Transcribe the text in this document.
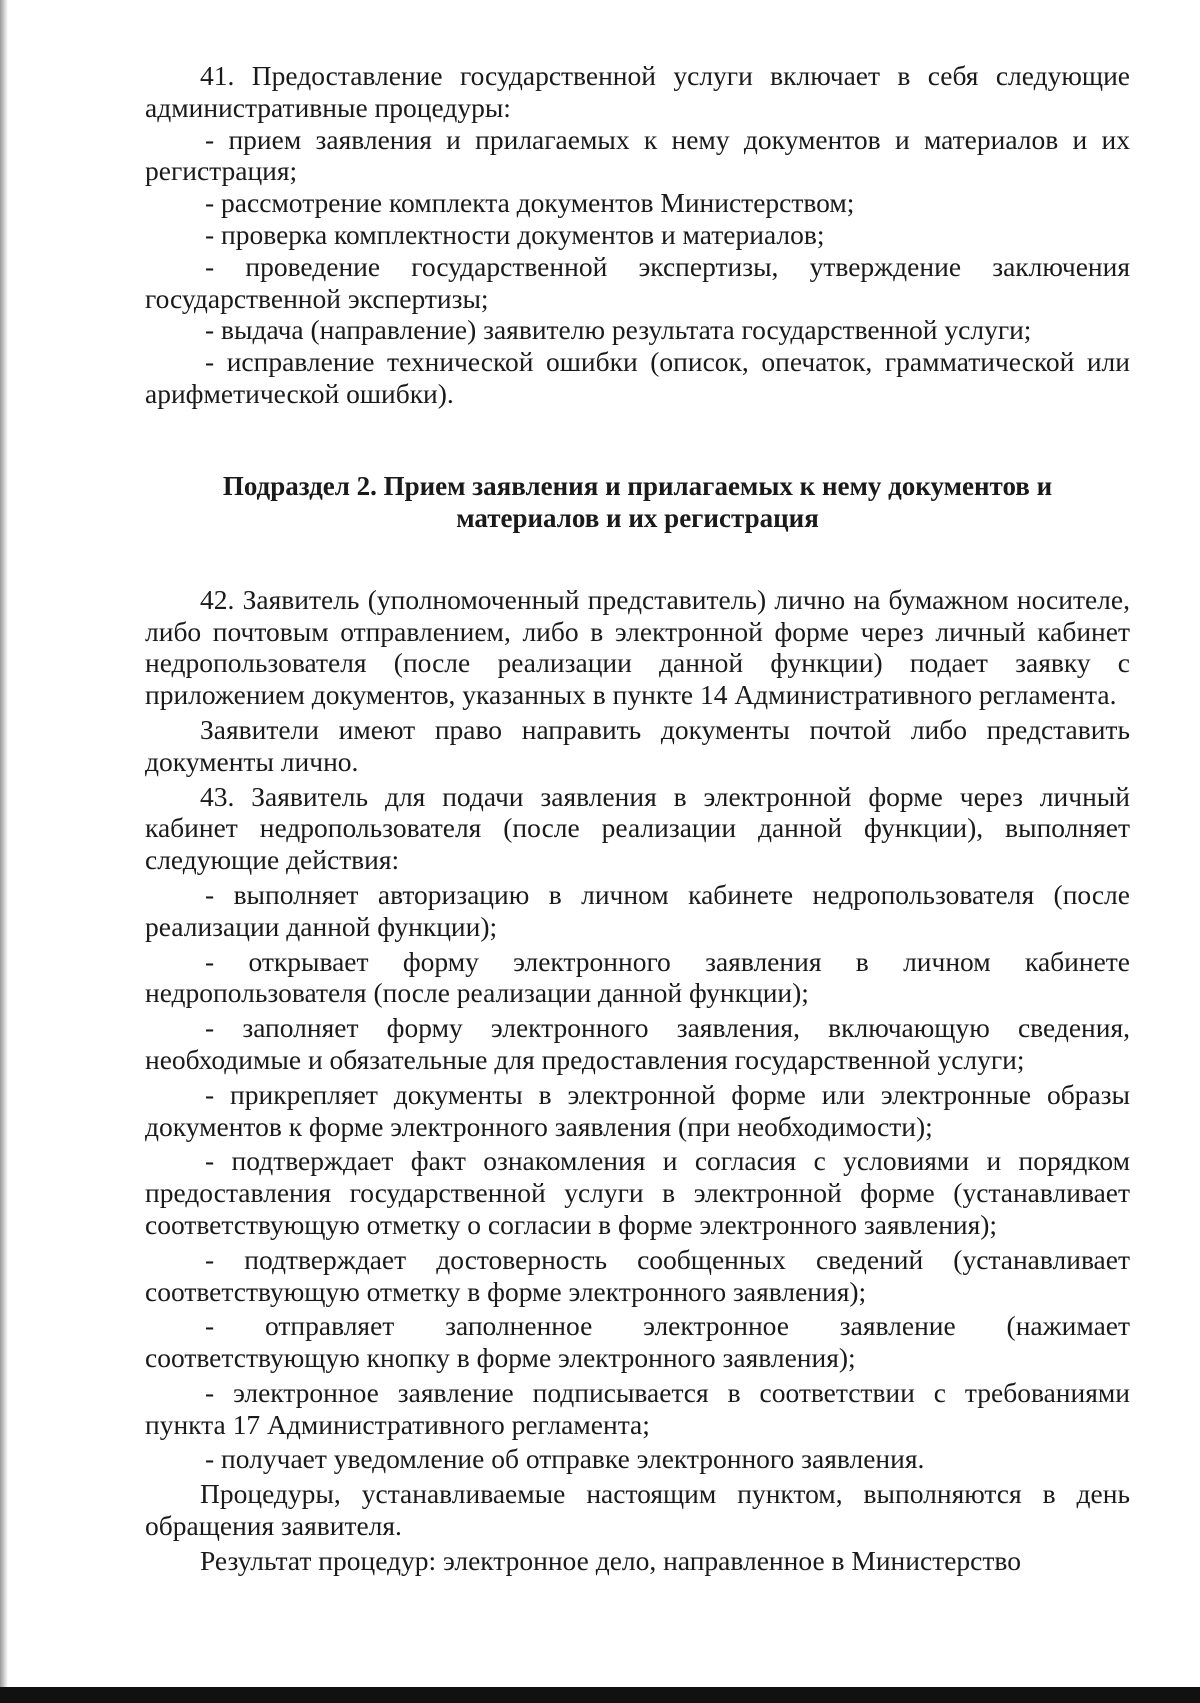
41. Предоставление государственной услуги включает в себя следующие административные процедуры:

- прием заявления и прилагаемых к нему документов и материалов и их регистрация;

- рассмотрение комплекта документов Министерством;

- проверка комплектности документов и материалов;

- проведение государственной экспертизы, утверждение заключения государственной экспертизы;

- выдача (направление) заявителю результата государственной услуги;

- исправление технической ошибки (описок, опечаток, грамматической или арифметической ошибки).

Подраздел 2. Прием заявления и прилагаемых к нему документов и
материалов и их регистрация

42. Заявитель (уполномоченный представитель) лично на бумажном носителе, либо почтовым отправлением, либо в электронной форме через личный кабинет недропользователя (после реализации данной функции) подает заявку с приложением документов, указанных в пункте 14 Административного регламента.

Заявители имеют право направить документы почтой либо представить документы лично.

43. Заявитель для подачи заявления в электронной форме через личный кабинет недропользователя (после реализации данной функции), выполняет следующие действия:

- выполняет авторизацию в личном кабинете недропользователя (после реализации данной функции);

- открывает форму электронного заявления в личном кабинете недропользователя (после реализации данной функции);

- заполняет форму электронного заявления, включающую сведения, необходимые и обязательные для предоставления государственной услуги;

- прикрепляет документы в электронной форме или электронные образы документов к форме электронного заявления (при необходимости);

- подтверждает факт ознакомления и согласия с условиями и порядком предоставления государственной услуги в электронной форме (устанавливает соответствующую отметку о согласии в форме электронного заявления);

- подтверждает достоверность сообщенных сведений (устанавливает соответствующую отметку в форме электронного заявления);

- отправляет заполненное электронное заявление (нажимает соответствующую кнопку в форме электронного заявления);

- электронное заявление подписывается в соответствии с требованиями пункта 17 Административного регламента;

- получает уведомление об отправке электронного заявления.

Процедуры, устанавливаемые настоящим пунктом, выполняются в день обращения заявителя.

Результат процедур: электронное дело, направленное в Министерство
